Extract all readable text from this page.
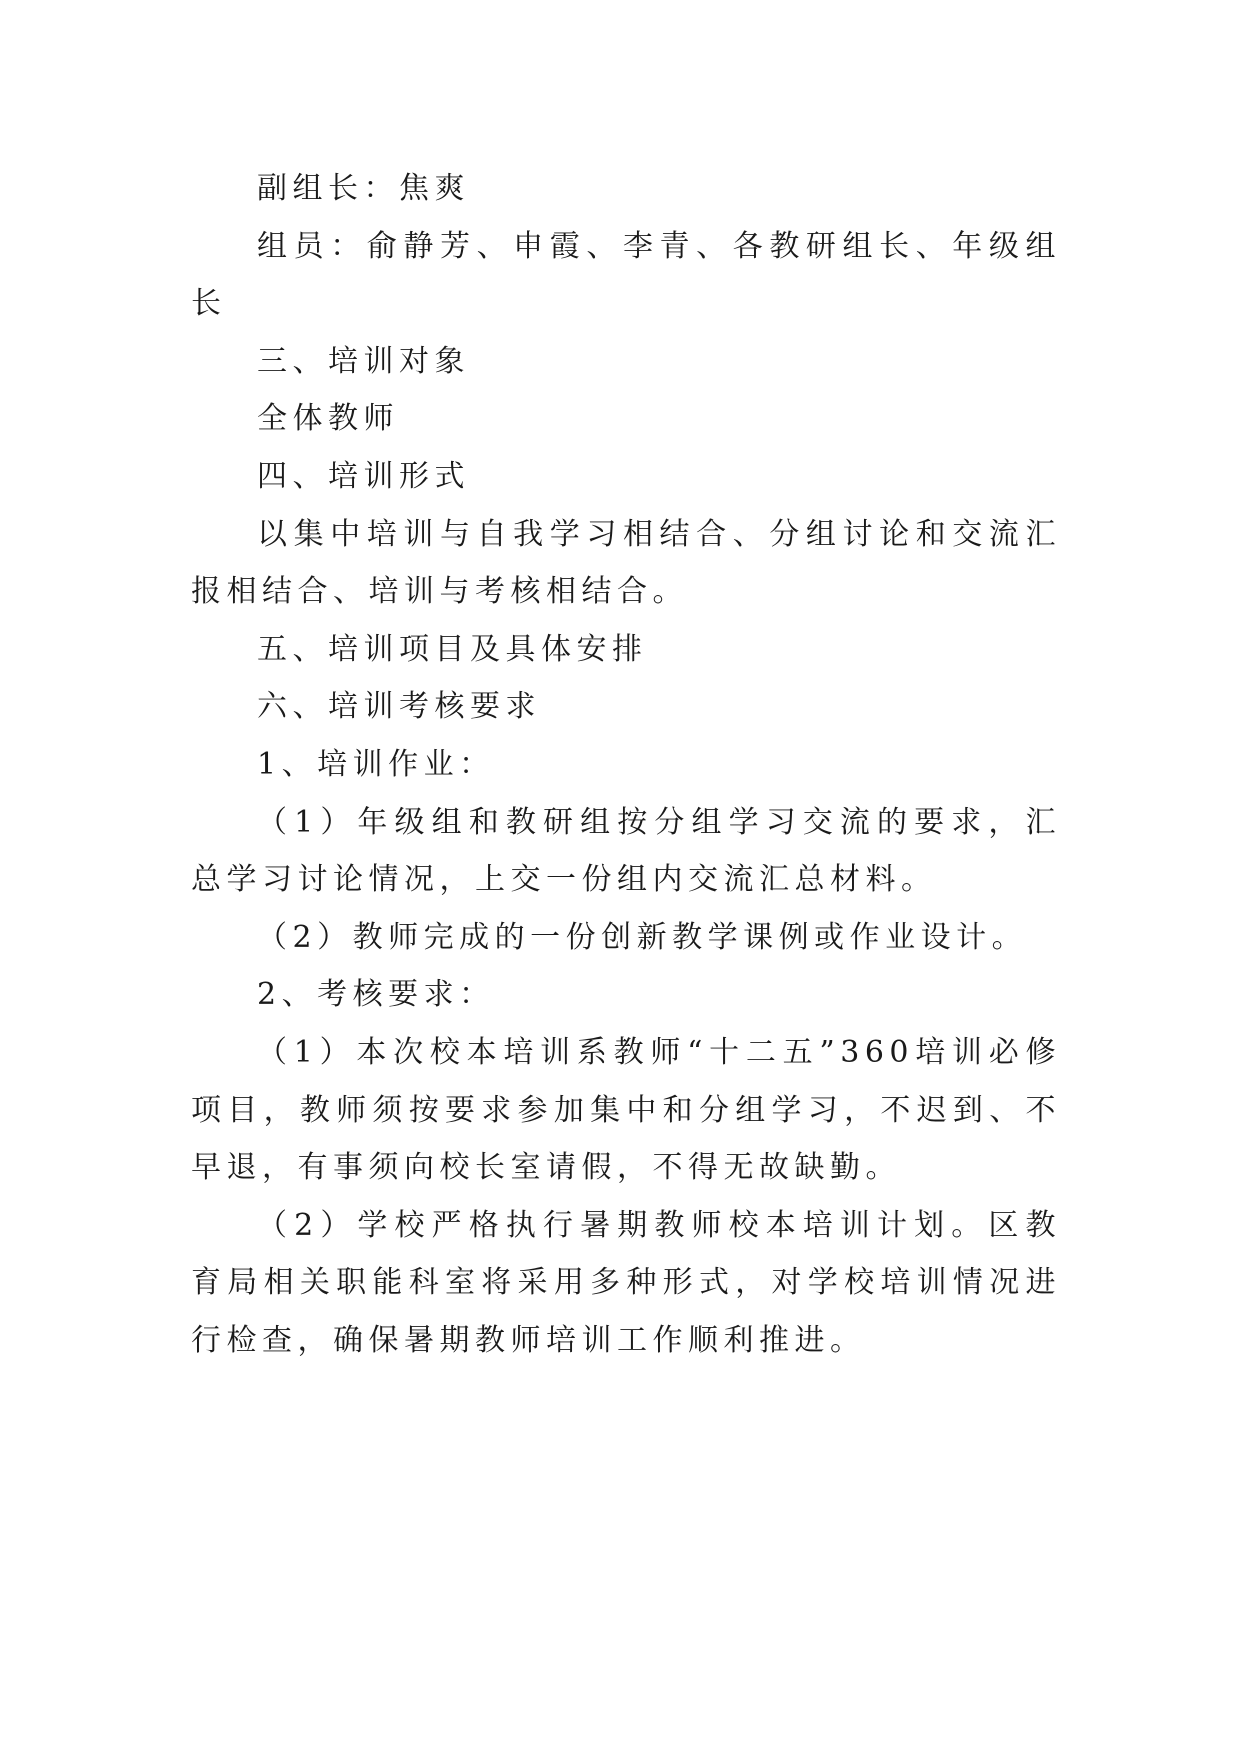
副组长：焦爽

组员：俞静芳、申霞、李青、各教研组长、年级组长

三、培训对象

全体教师

四、培训形式

以集中培训与自我学习相结合、分组讨论和交流汇报相结合、培训与考核相结合。

五、培训项目及具体安排

六、培训考核要求

1、培训作业：

（1）年级组和教研组按分组学习交流的要求，汇总学习讨论情况，上交一份组内交流汇总材料。

（2）教师完成的一份创新教学课例或作业设计。

2、考核要求：

（1）本次校本培训系教师“十二五”360培训必修项目，教师须按要求参加集中和分组学习，不迟到、不早退，有事须向校长室请假，不得无故缺勤。

（2）学校严格执行暑期教师校本培训计划。区教育局相关职能科室将采用多种形式，对学校培训情况进行检查，确保暑期教师培训工作顺利推进。
